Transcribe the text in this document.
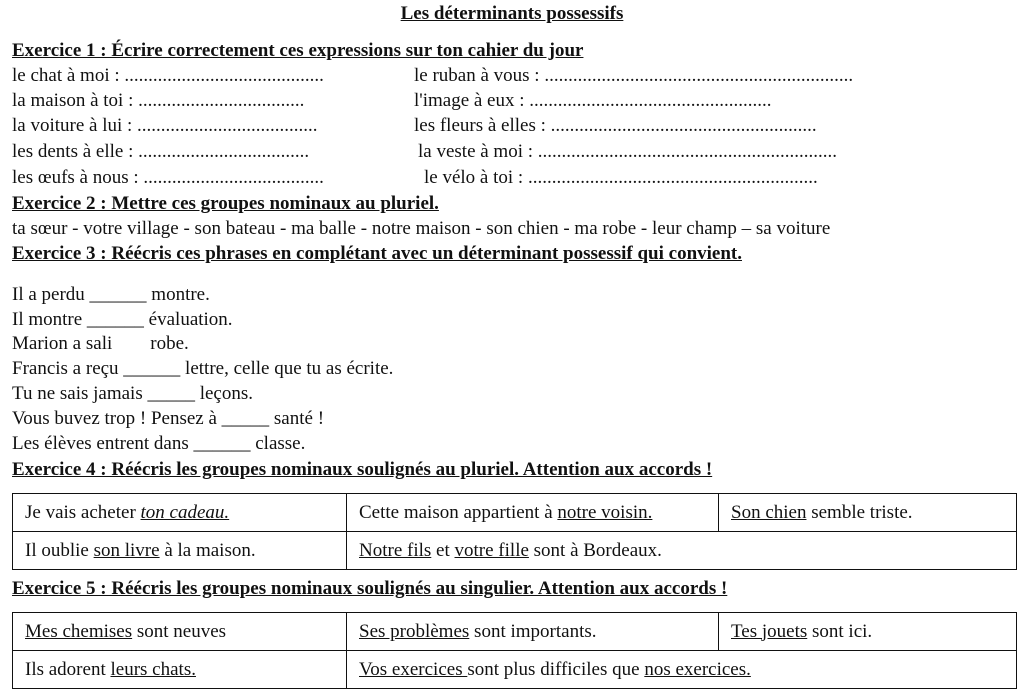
Les déterminants possessifs
Exercice 1 : Écrire correctement ces expressions sur ton cahier du jour
le chat à moi : ..........................................	le ruban à vous : .................................................................
la maison à toi : ...................................	l'image à eux : ...................................................
la voiture à lui : ......................................	les fleurs à elles : ........................................................
les dents à elle : ....................................	la veste à moi : ...............................................................
les œufs à nous : ......................................	le vélo à toi : .............................................................
Exercice 2 : Mettre ces groupes nominaux au pluriel.
ta sœur - votre village - son bateau - ma balle - notre maison - son chien - ma robe - leur champ – sa voiture
Exercice 3 : Réécris ces phrases en complétant avec un déterminant possessif qui convient.
Il a perdu ______ montre.
Il montre ______ évaluation.
Marion a sali        robe.
Francis a reçu ______ lettre, celle que tu as écrite.
Tu ne sais jamais _____ leçons.
Vous buvez trop ! Pensez à _____ santé !
Les élèves entrent dans ______ classe.
Exercice 4 : Réécris les groupes nominaux soulignés au pluriel. Attention aux accords !
Je vais acheter ton cadeau.	Cette maison appartient à notre voisin.	Son chien semble triste.
Il oublie son livre à la maison.	Notre fils et votre fille sont à Bordeaux.	
Exercice 5 : Réécris les groupes nominaux soulignés au singulier. Attention aux accords !
Mes chemises sont neuves	Ses problèmes sont importants.	Tes jouets sont ici.
Ils adorent leurs chats.	Vos exercices sont plus difficiles que nos exercices.	
